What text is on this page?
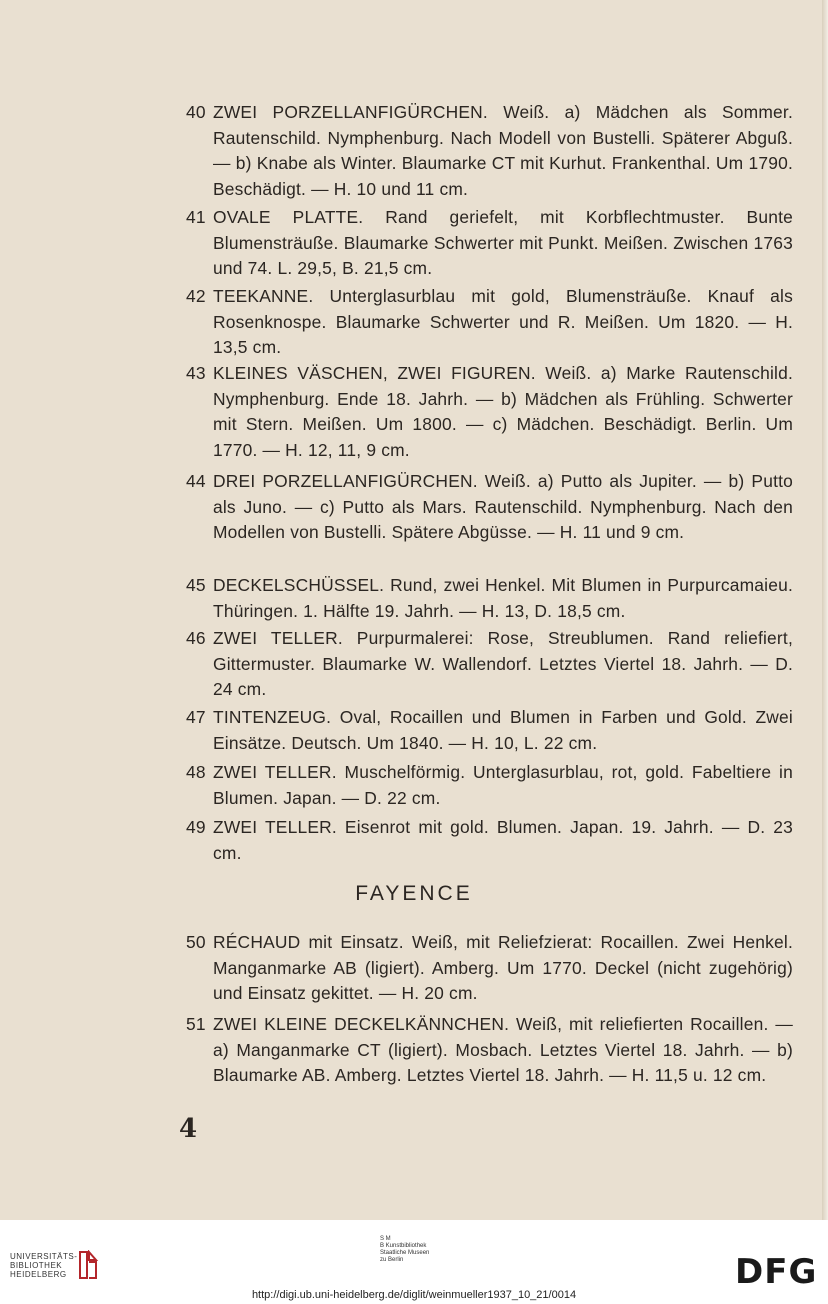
40 ZWEI PORZELLANFIGÜRCHEN. Weiß. a) Mädchen als Sommer. Rautenschild. Nymphenburg. Nach Modell von Bustelli. Späterer Abguß. — b) Knabe als Winter. Blaumarke CT mit Kurhut. Frankenthal. Um 1790. Beschädigt. — H. 10 und 11 cm.
41 OVALE PLATTE. Rand geriefelt, mit Korbflechtmuster. Bunte Blumensträuße. Blaumarke Schwerter mit Punkt. Meißen. Zwischen 1763 und 74. L. 29,5, B. 21,5 cm.
42 TEEKANNE. Unterglasurblau mit gold, Blumensträuße. Knauf als Rosenknospe. Blaumarke Schwerter und R. Meißen. Um 1820. — H. 13,5 cm.
43 KLEINES VÄSCHEN, ZWEI FIGUREN. Weiß. a) Marke Rautenschild. Nymphenburg. Ende 18. Jahrh. — b) Mädchen als Frühling. Schwerter mit Stern. Meißen. Um 1800. — c) Mädchen. Beschädigt. Berlin. Um 1770. — H. 12, 11, 9 cm.
44 DREI PORZELLANFIGÜRCHEN. Weiß. a) Putto als Jupiter. — b) Putto als Juno. — c) Putto als Mars. Rautenschild. Nymphenburg. Nach den Modellen von Bustelli. Spätere Abgüsse. — H. 11 und 9 cm.
45 DECKELSCHÜSSEL. Rund, zwei Henkel. Mit Blumen in Purpurcamaieu. Thüringen. 1. Hälfte 19. Jahrh. — H. 13, D. 18,5 cm.
46 ZWEI TELLER. Purpurmalerei: Rose, Streublumen. Rand reliefiert, Gittermuster. Blaumarke W. Wallendorf. Letztes Viertel 18. Jahrh. — D. 24 cm.
47 TINTENZEUG. Oval, Rocaillen und Blumen in Farben und Gold. Zwei Einsätze. Deutsch. Um 1840. — H. 10, L. 22 cm.
48 ZWEI TELLER. Muschelförmig. Unterglasurblau, rot, gold. Fabeltiere in Blumen. Japan. — D. 22 cm.
49 ZWEI TELLER. Eisenrot mit gold. Blumen. Japan. 19. Jahrh. — D. 23 cm.
FAYENCE
50 RÉCHAUD mit Einsatz. Weiß, mit Reliefzierat: Rocaillen. Zwei Henkel. Manganmarke AB (ligiert). Amberg. Um 1770. Deckel (nicht zugehörig) und Einsatz gekittet. — H. 20 cm.
51 ZWEI KLEINE DECKELKÄNNCHEN. Weiß, mit reliefierten Rocaillen. — a) Manganmarke CT (ligiert). Mosbach. Letztes Viertel 18. Jahrh. — b) Blaumarke AB. Amberg. Letztes Viertel 18. Jahrh. — H. 11,5 u. 12 cm.
4
UNIVERSITÄTS-
BIBLIOTHEK
HEIDELBERG
S M
B Kunstbibliothek
Staatliche Museen
zu Berlin	DFG
http://digi.ub.uni-heidelberg.de/diglit/weinmueller1937_10_21/0014
